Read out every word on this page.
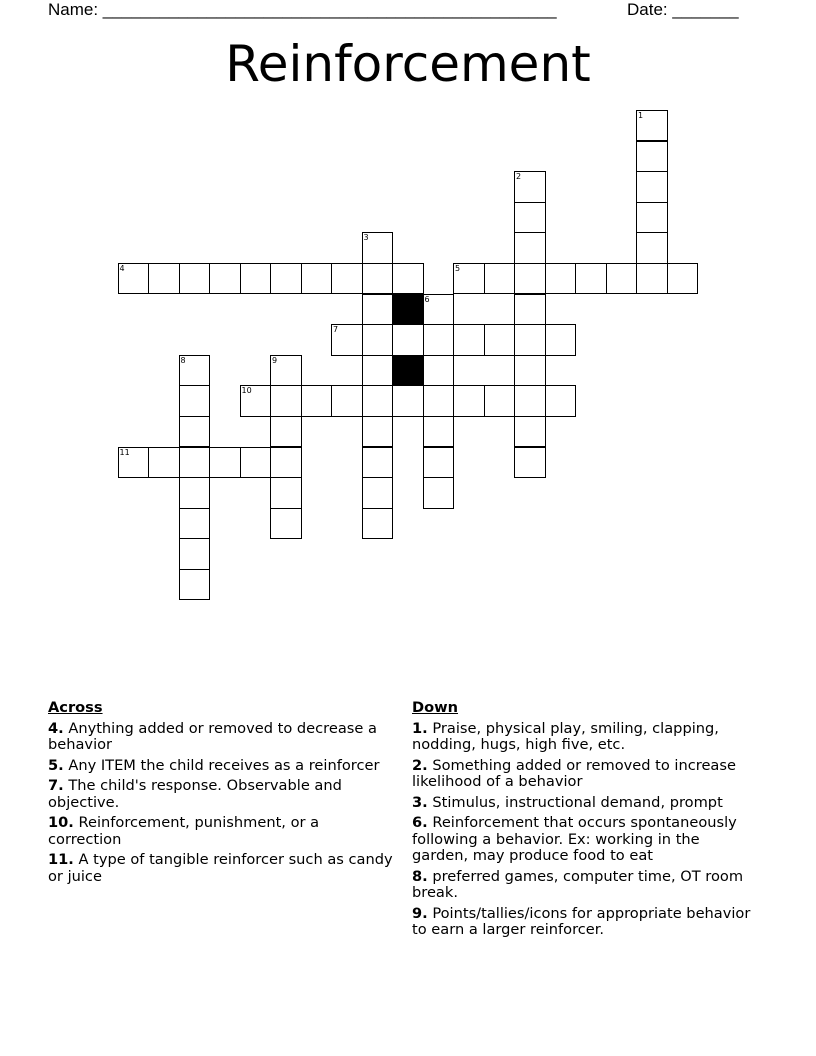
Name: ________________________________________________	Date: _______
Reinforcement
1
2
3
4	5
6
7
8	9
10
11
Across
4. Anything added or removed to decrease a behavior
5. Any ITEM the child receives as a reinforcer
7. The child's response. Observable and objective.
10. Reinforcement, punishment, or a correction
11. A type of tangible reinforcer such as candy or juice
Down
1. Praise, physical play, smiling, clapping, nodding, hugs, high five, etc.
2. Something added or removed to increase likelihood of a behavior
3. Stimulus, instructional demand, prompt
6. Reinforcement that occurs spontaneously following a behavior. Ex: working in the garden, may produce food to eat
8. preferred games, computer time, OT room break.
9. Points/tallies/icons for appropriate behavior to earn a larger reinforcer.
